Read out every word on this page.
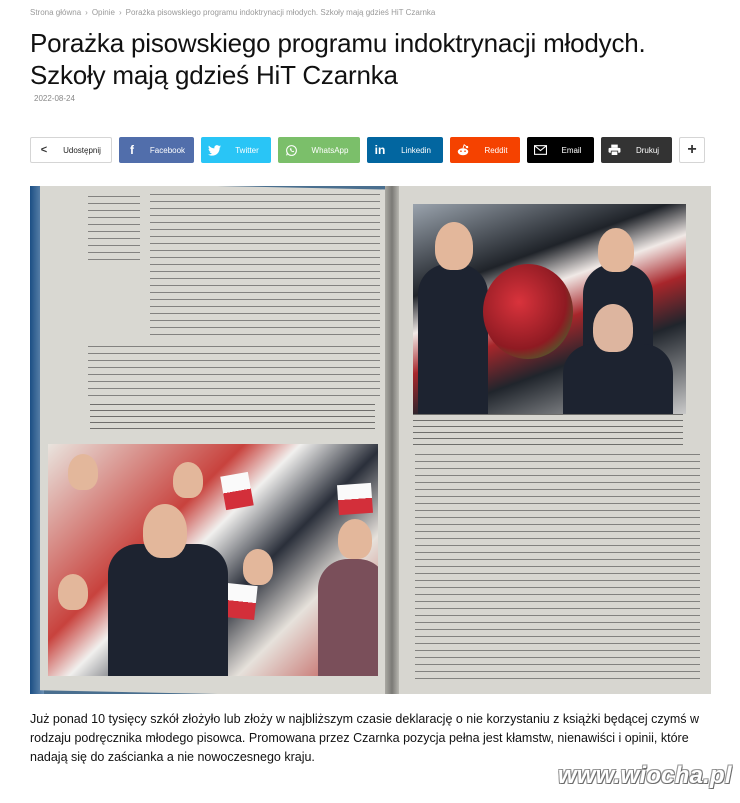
Strona główna › Opinie › Porażka pisowskiego programu indoktrynacji młodych. Szkoły mają gdzieś HiT Czarnka
Porażka pisowskiego programu indoktrynacji młodych. Szkoły mają gdzieś HiT Czarnka
2022-08-24
<	Udostępnij	f	Facebook	Twitter	WhatsApp	in	Linkedin	Reddit	Email	Drukuj	+

Już ponad 10 tysięcy szkół złożyło lub złoży w najbliższym czasie deklarację o nie korzystaniu z książki będącej czymś w rodzaju podręcznika młodego pisowca. Promowana przez Czarnka pozycja pełna jest kłamstw, nienawiści i opinii, które nadają się do zaścianka a nie nowoczesnego kraju.

www.wiocha.pl
